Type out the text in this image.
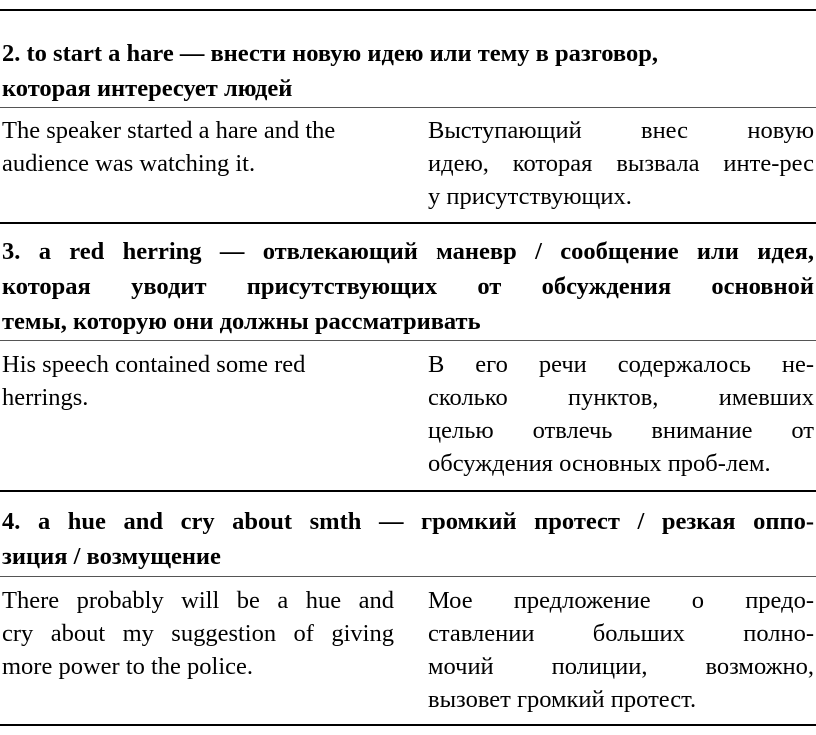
2. to start a hare — внести новую идею или тему в разговор,
которая интересует людей
The speaker started a hare and the
audience was watching it.
Выступающий внес новую
идею, которая вызвала инте-рес
у присутствующих.
3. a red herring — отвлекающий маневр / сообщение или идея,
которая уводит присутствующих от обсуждения основной
темы, которую они должны рассматривать
His speech contained some red
herrings.
В его речи содержалось не-
сколько пунктов, имевших
целью отвлечь внимание от
обсуждения основных проб-лем.
4. a hue and cry about smth — громкий протест / резкая оппо-
зиция / возмущение
There probably will be a hue and
cry about my suggestion of giving
more power to the police.
Мое предложение о предо-
ставлении больших полно-
мочий полиции, возможно,
вызовет громкий протест.
